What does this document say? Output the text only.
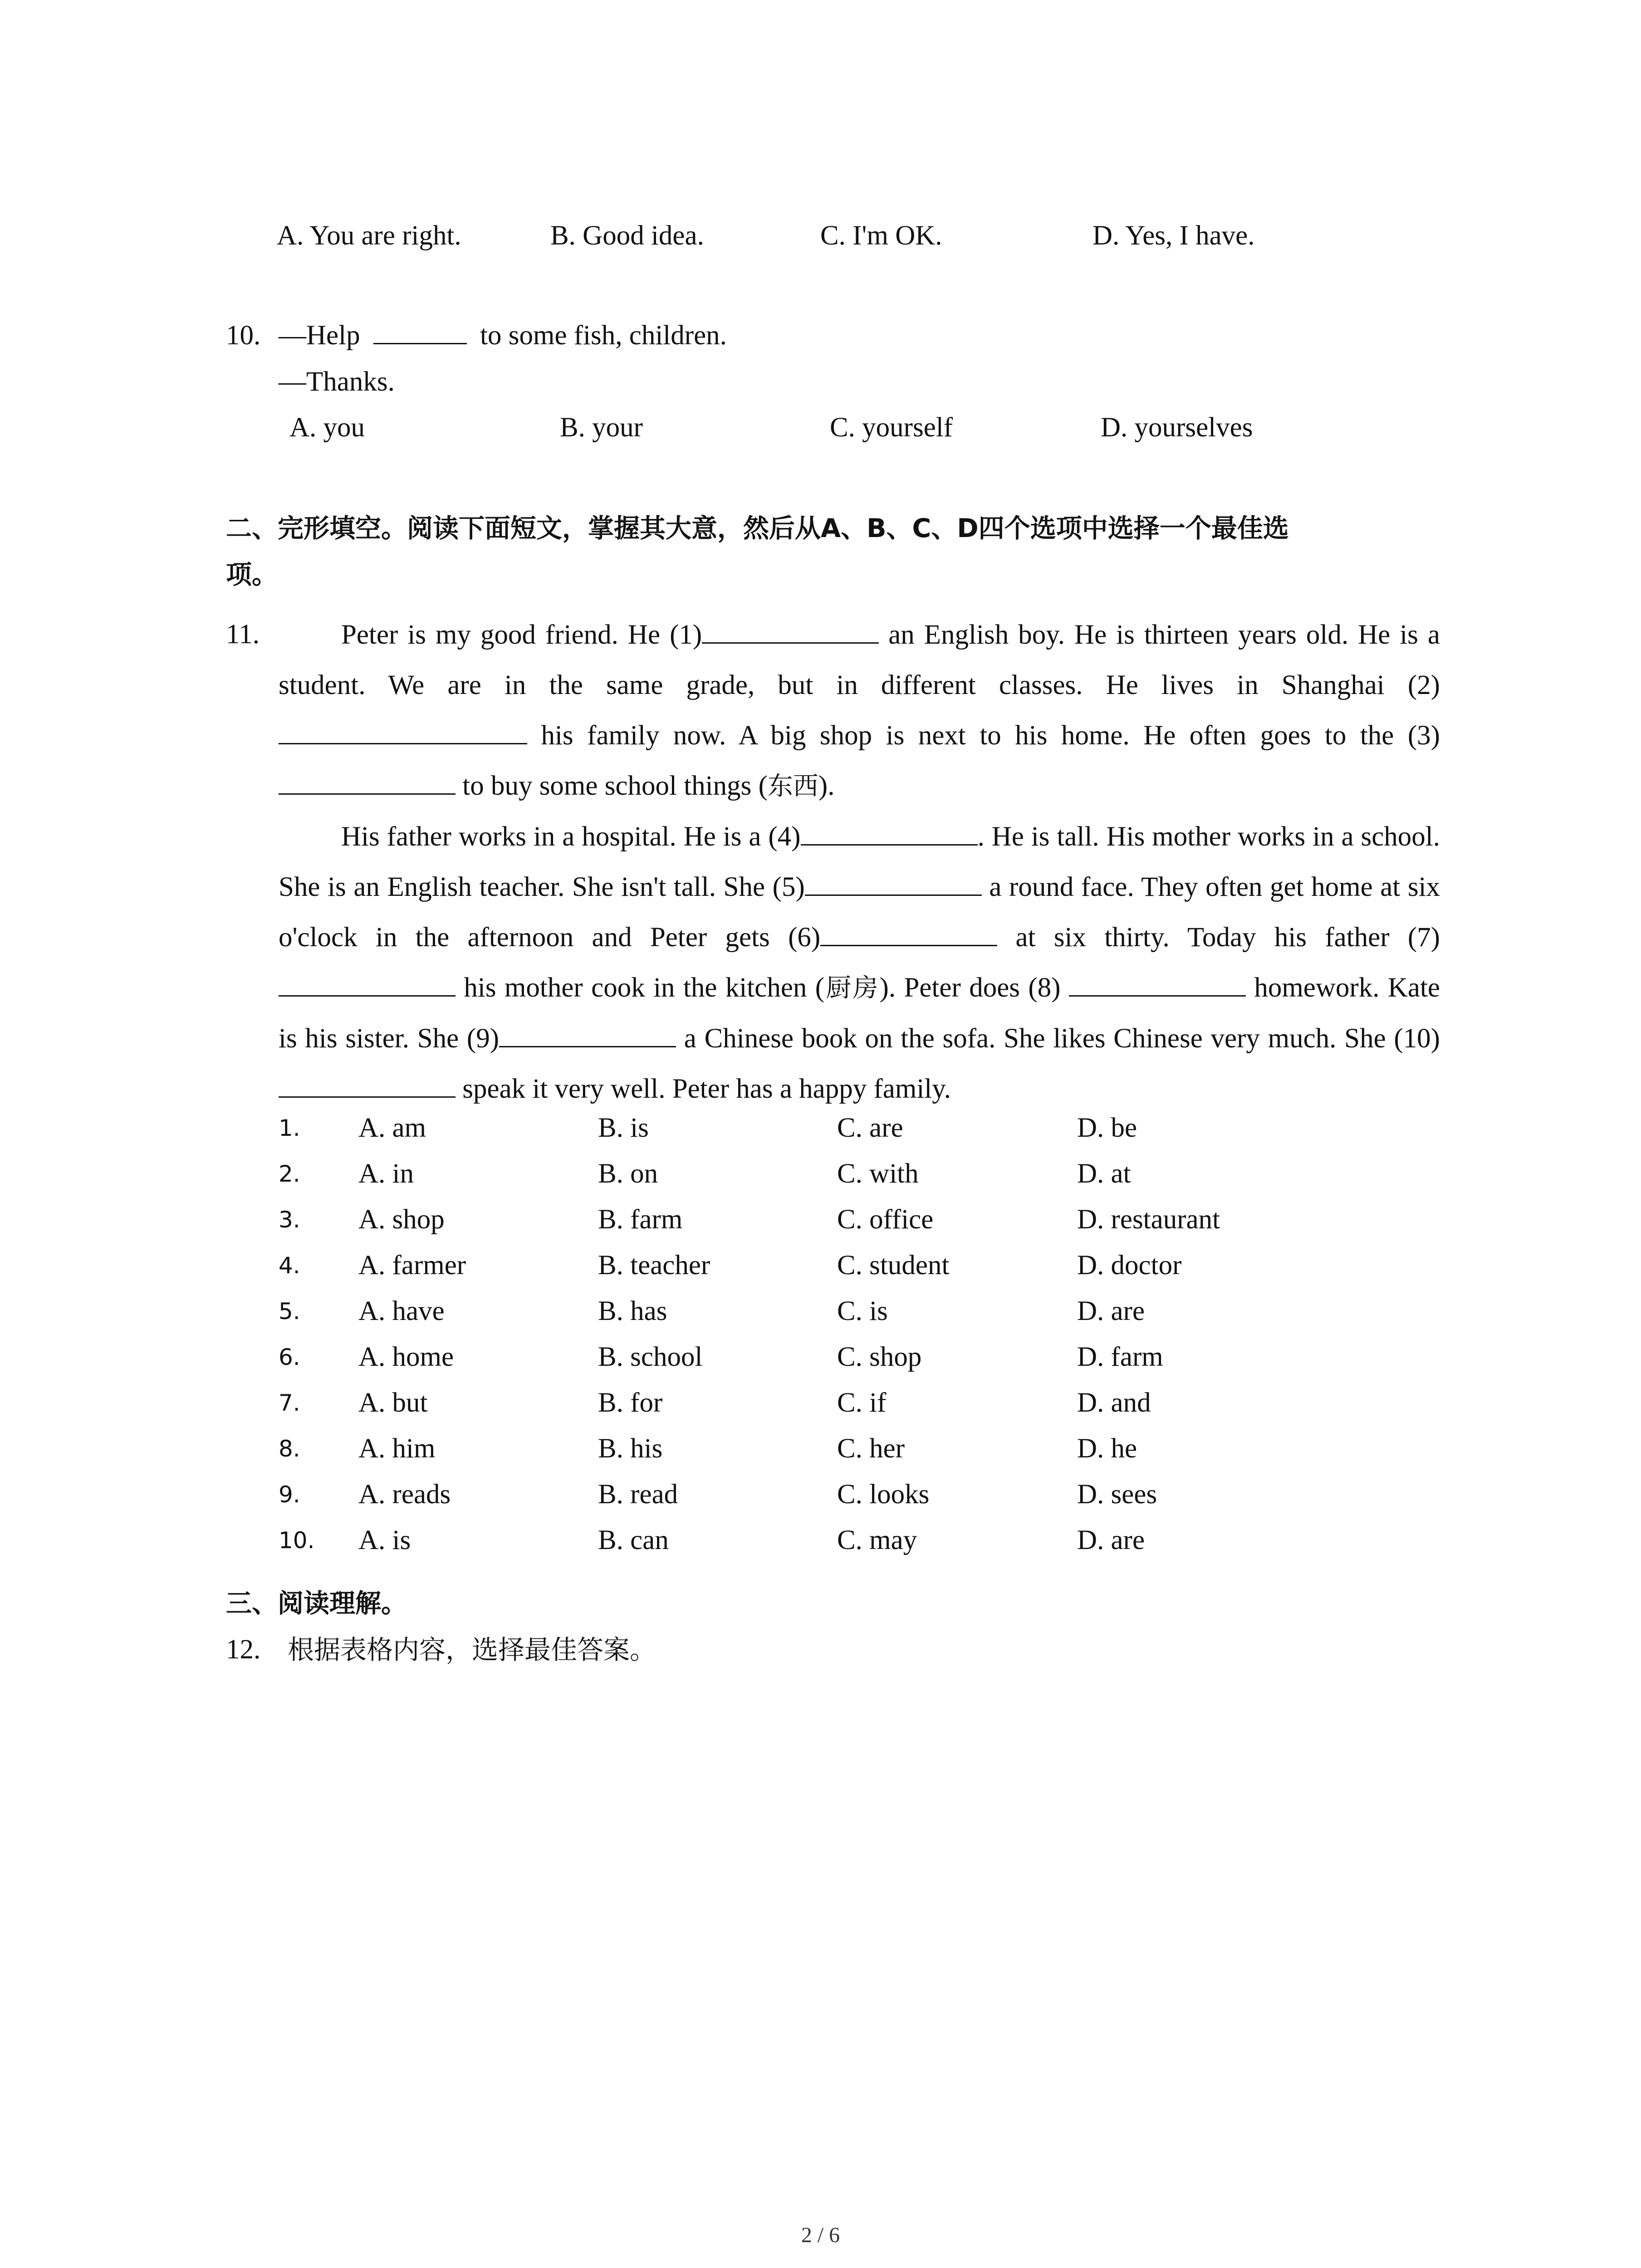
A. You are right.	B. Good idea.	C. I'm OK.	D. Yes, I have.
10. —Help	to some fish, children.
—Thanks.
A. you	B. your	C. yourself	D. yourselves
二、完形填空。阅读下面短文，掌握其大意，然后从A、B、C、D四个选项中选择一个最佳选
项。
11.	Peter is my good friend. He (1)	an English boy. He is thirteen years old. He is a student. We are in the same grade, but in different classes. He lives in Shanghai (2) his family now. A big shop is next to his home. He often goes to the (3) to buy some school things (东西).

His father works in a hospital. He is a (4)	. He is tall. His mother works in a school. She is an English teacher. She isn't tall. She (5)	a round face. They often get home at six o'clock in the afternoon and Peter gets (6)	at six thirty. Today his father (7) his mother cook in the kitchen (厨房). Peter does (8)	homework. Kate is his sister. She (9)	a Chinese book on the sofa. She likes Chinese very much. She (10) speak it very well. Peter has a happy family.

1. A. am	B. is	C. are	D. be
2. A. in	B. on	C. with	D. at
3. A. shop	B. farm	C. office	D. restaurant
4. A. farmer	B. teacher	C. student	D. doctor
5. A. have	B. has	C. is	D. are
6. A. home	B. school	C. shop	D. farm
7. A. but	B. for	C. if	D. and
8. A. him	B. his	C. her	D. he
9. A. reads	B. read	C. looks	D. sees
10. A. is	B. can	C. may	D. are
三、阅读理解。
12. 根据表格内容，选择最佳答案。
2 / 6
